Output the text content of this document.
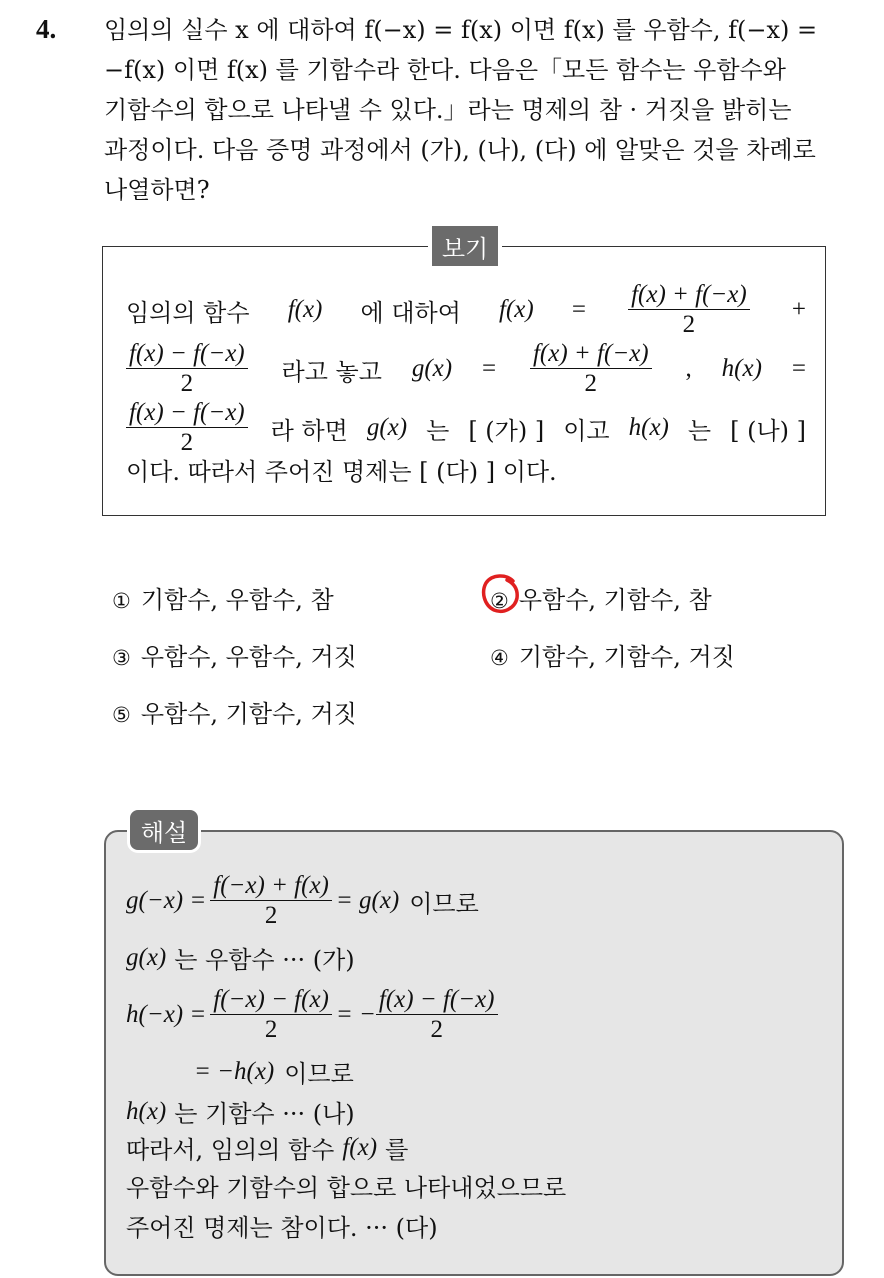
4. 임의의 실수 x 에 대하여 f(−x) = f(x) 이면 f(x) 를 우함수, f(−x) =
−f(x) 이면 f(x) 를 기함수라 한다. 다음은「모든 함수는 우함수와
기함수의 합으로 나타낼 수 있다.」라는 명제의 참 · 거짓을 밝히는
과정이다. 다음 증명 과정에서 (가), (나), (다) 에 알맞은 것을 차례로
나열하면?
보기
임의의 함수 f(x) 에 대하여 $f(x) = \frac{f(x) + f(-x)}{2}$ +
$\frac{f(x) - f(-x)}{2}$ 라고 놓고 $g(x) = \frac{f(x) + f(-x)}{2}$ , h(x) =
$\frac{f(x) - f(-x)}{2}$ 라 하면 g(x) 는 [ (가) ] 이고 h(x) 는 [ (나) ]
이다. 따라서 주어진 명제는 [ (다) ] 이다.
① 기함수, 우함수, 참	② 우함수, 기함수, 참
③ 우함수, 우함수, 거짓	④ 기함수, 기함수, 거짓
⑤ 우함수, 기함수, 거짓
해설
$g(-x) = \frac{f(-x) + f(x)}{2} = g(x)$ 이므로
g(x) 는 우함수 ··· (가)
$h(-x) = \frac{f(-x) - f(x)}{2}$ = − $\frac{f(x) - f(-x)}{2}$
= −h(x) 이므로
h(x) 는 기함수 ··· (나)
따라서, 임의의 함수 f(x) 를
우함수와 기함수의 합으로 나타내었으므로
주어진 명제는 참이다. ··· (다)
